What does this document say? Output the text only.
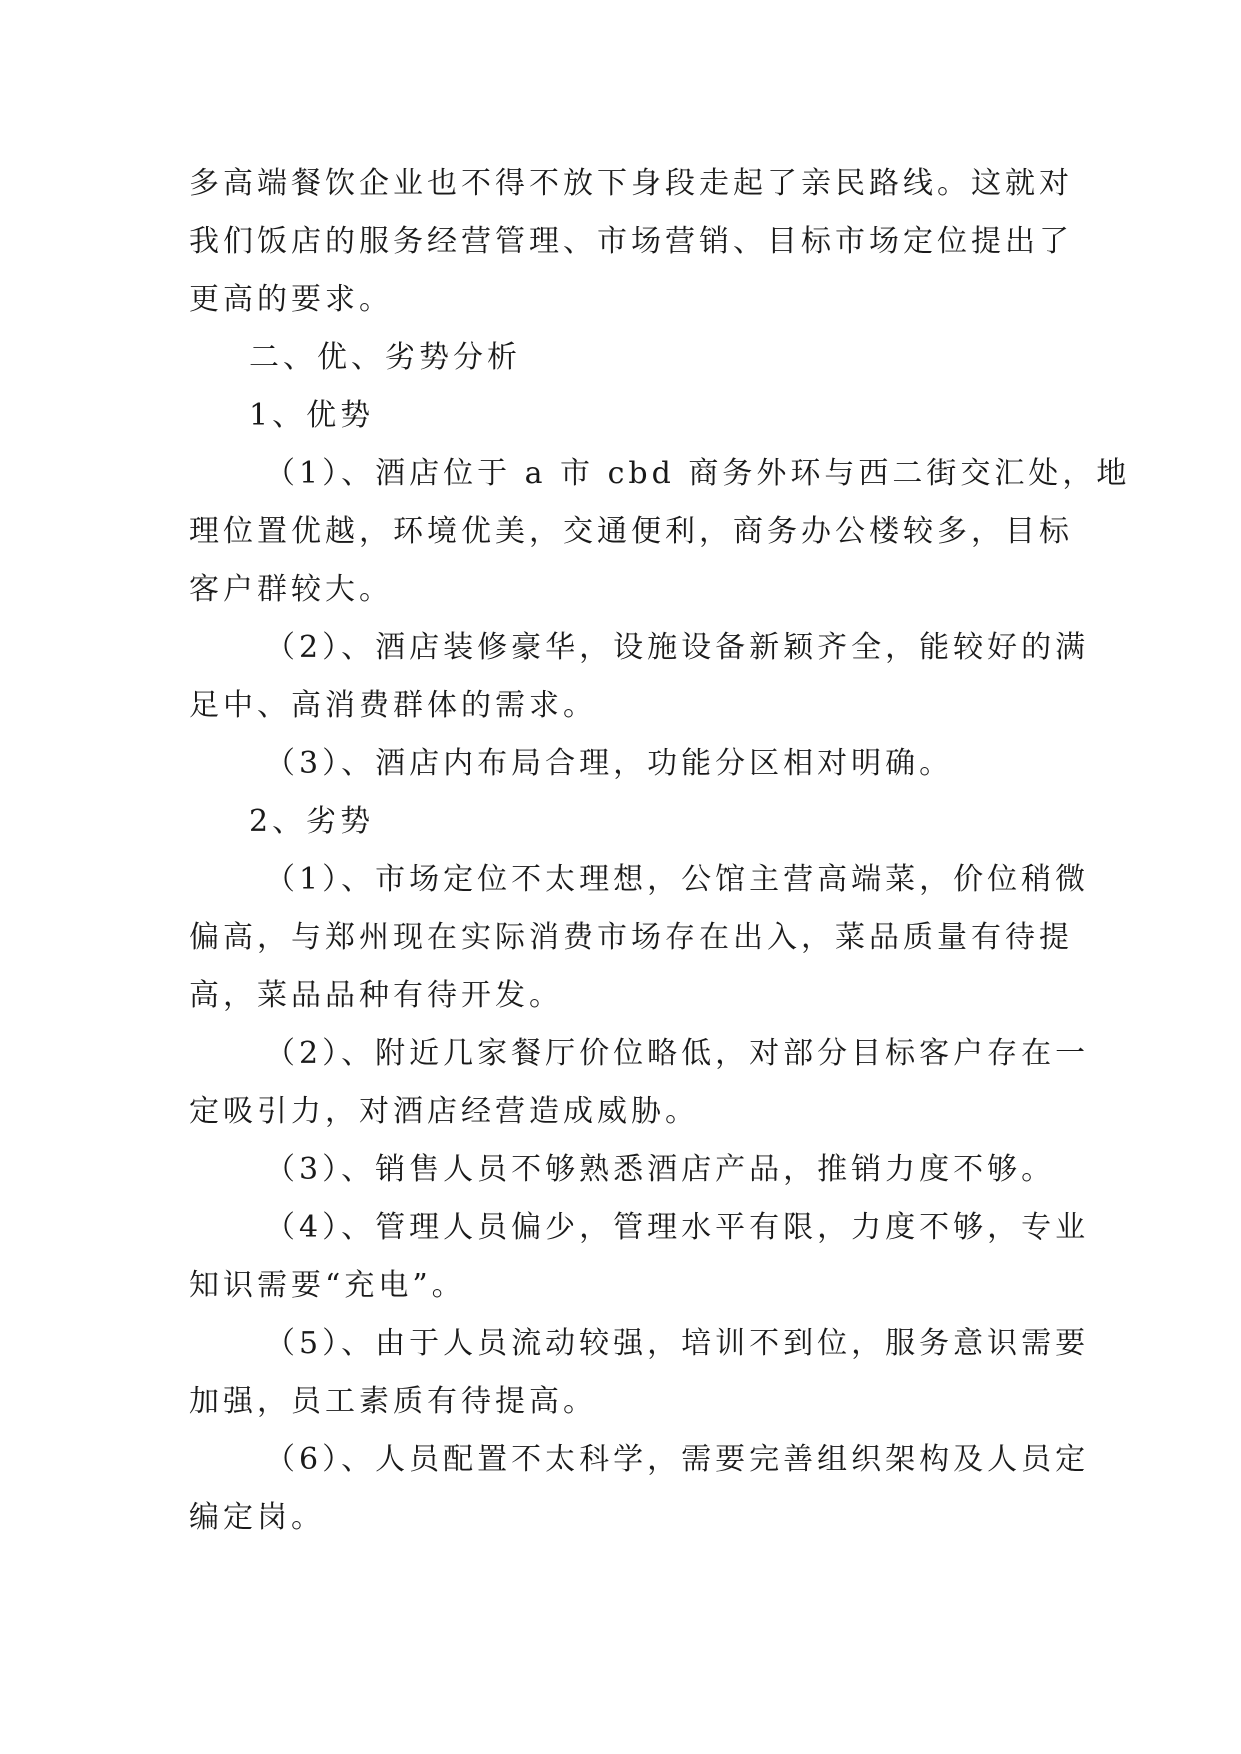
多高端餐饮企业也不得不放下身段走起了亲民路线。这就对
我们饭店的服务经营管理、市场营销、目标市场定位提出了
更高的要求。
二、优、劣势分析
1、优势
（1）、酒店位于 a 市 cbd 商务外环与西二街交汇处，地
理位置优越，环境优美，交通便利，商务办公楼较多，目标
客户群较大。
（2）、酒店装修豪华，设施设备新颖齐全，能较好的满
足中、高消费群体的需求。
（3）、酒店内布局合理，功能分区相对明确。
2、劣势
（1）、市场定位不太理想，公馆主营高端菜，价位稍微
偏高，与郑州现在实际消费市场存在出入，菜品质量有待提
高，菜品品种有待开发。
（2）、附近几家餐厅价位略低，对部分目标客户存在一
定吸引力，对酒店经营造成威胁。
（3）、销售人员不够熟悉酒店产品，推销力度不够。
（4）、管理人员偏少，管理水平有限，力度不够，专业
知识需要“充电”。
（5）、由于人员流动较强，培训不到位，服务意识需要
加强，员工素质有待提高。
（6）、人员配置不太科学，需要完善组织架构及人员定
编定岗。
